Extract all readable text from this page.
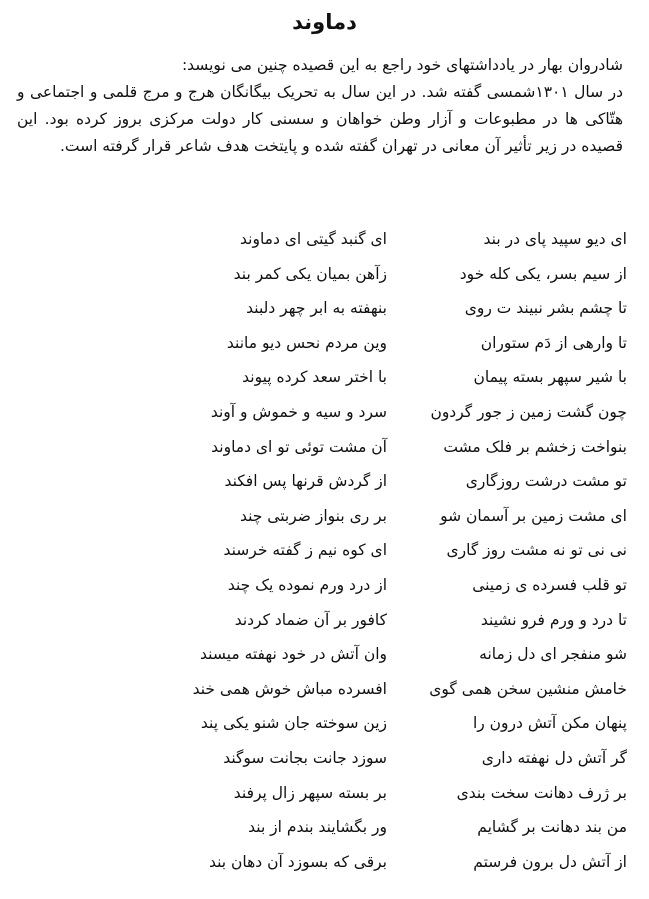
دماوند

شادروان بهار در یادداشتهای خود راجع به این قصیده چنین می نویسد:

در سال ۱۳۰۱شمسی گفته شد. در این سال به تحریک بیگانگان هرج و مرج قلمی و اجتماعی و هتّاکی ها در مطبوعات و آزار وطن خواهان و سسنی کار دولت مرکزی بروز کرده بود. این قصیده در زیر تأثیر آن معانی در تهران گفته شده و پایتخت هدف شاعر قرار گرفته است.

ای دیو سپید پای در بند
ای گنبد گیتی ای دماوند
از سیم بسر، یکی کله خود
زآهن بمیان یکی کمر بند
تا چشم بشر نبیند ت روی
بنهفته به ابر چهر دلبند
تا وارهی از دَم ستوران
وین مردم نحس دیو مانند
با شیر سپهر بسته پیمان
با اختر سعد کرده پیوند
چون گشت زمین ز جور گردون
سرد و سیه و خموش و آوند
بنواخت زخشم بر فلک مشت
آن مشت توئی تو ای دماوند
تو مشت درشت روزگاری
از گردش قرنها پس افکند
ای مشت زمین بر آسمان شو
بر ری بنواز ضربتی چند
نی نی تو نه مشت روز گاری
ای کوه نیم ز گفته خرسند
تو قلب فسرده ی زمینی
از درد ورم نموده یک چند
تا درد و ورم فرو نشیند
کافور بر آن ضماد کردند
شو منفجر ای دل زمانه
وان آتش در خود نهفته میسند
خامش منشین سخن همی گوی
افسرده مباش خوش همی خند
پنهان مکن آتش درون را
زین سوخته جان شنو یکی پند
گر آتش دل نهفته داری
سوزد جانت بجانت سوگند
بر ژرف دهانت سخت بندی
بر بسته سپهر زال پرفند
من بند دهانت بر گشایم
ور بگشایند بندم از بند
از آتش دل برون فرستم
برقی که بسوزد آن دهان بند
